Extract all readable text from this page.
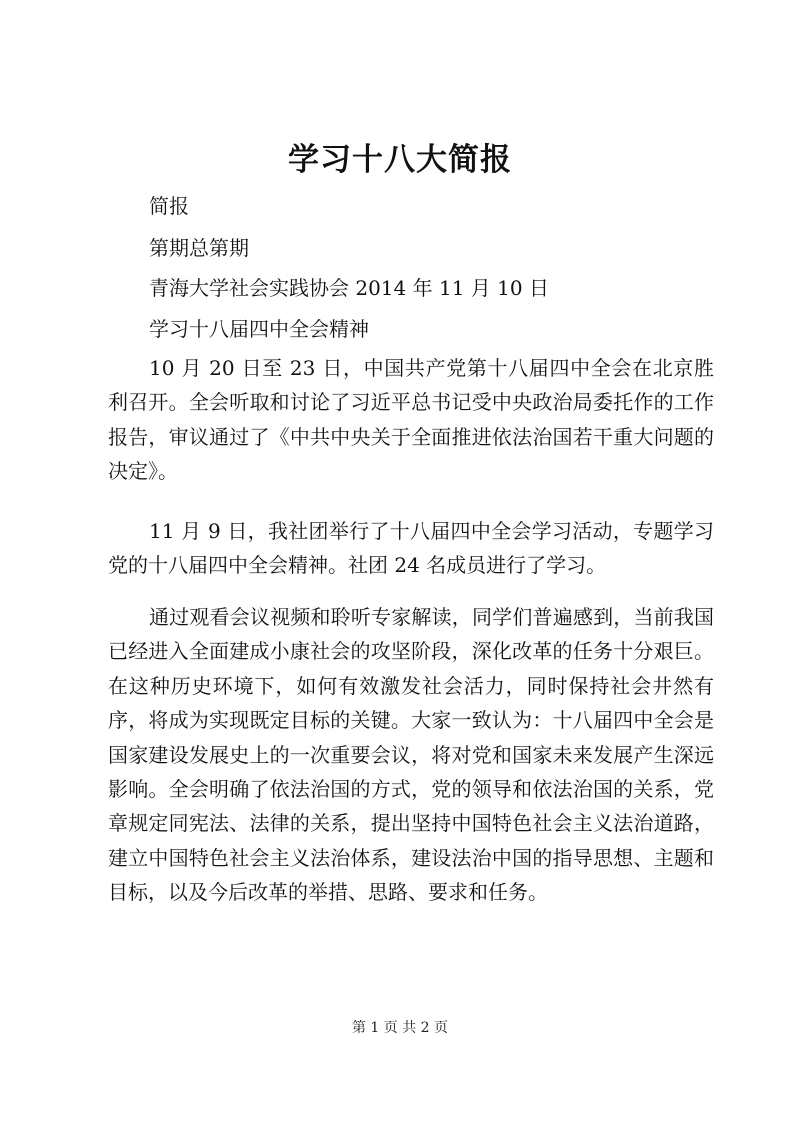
学习十八大简报
简报
第期总第期
青海大学社会实践协会 2014 年 11 月 10 日
学习十八届四中全会精神

10 月 20 日至 23 日，中国共产党第十八届四中全会在北京胜利召开。全会听取和讨论了习近平总书记受中央政治局委托作的工作报告，审议通过了《中共中央关于全面推进依法治国若干重大问题的决定》。

11 月 9 日，我社团举行了十八届四中全会学习活动，专题学习党的十八届四中全会精神。社团 24 名成员进行了学习。

通过观看会议视频和聆听专家解读，同学们普遍感到，当前我国已经进入全面建成小康社会的攻坚阶段，深化改革的任务十分艰巨。在这种历史环境下，如何有效激发社会活力，同时保持社会井然有序，将成为实现既定目标的关键。大家一致认为：十八届四中全会是国家建设发展史上的一次重要会议，将对党和国家未来发展产生深远影响。全会明确了依法治国的方式，党的领导和依法治国的关系，党章规定同宪法、法律的关系，提出坚持中国特色社会主义法治道路，建立中国特色社会主义法治体系，建设法治中国的指导思想、主题和目标，以及今后改革的举措、思路、要求和任务。

第 1 页 共 2 页
